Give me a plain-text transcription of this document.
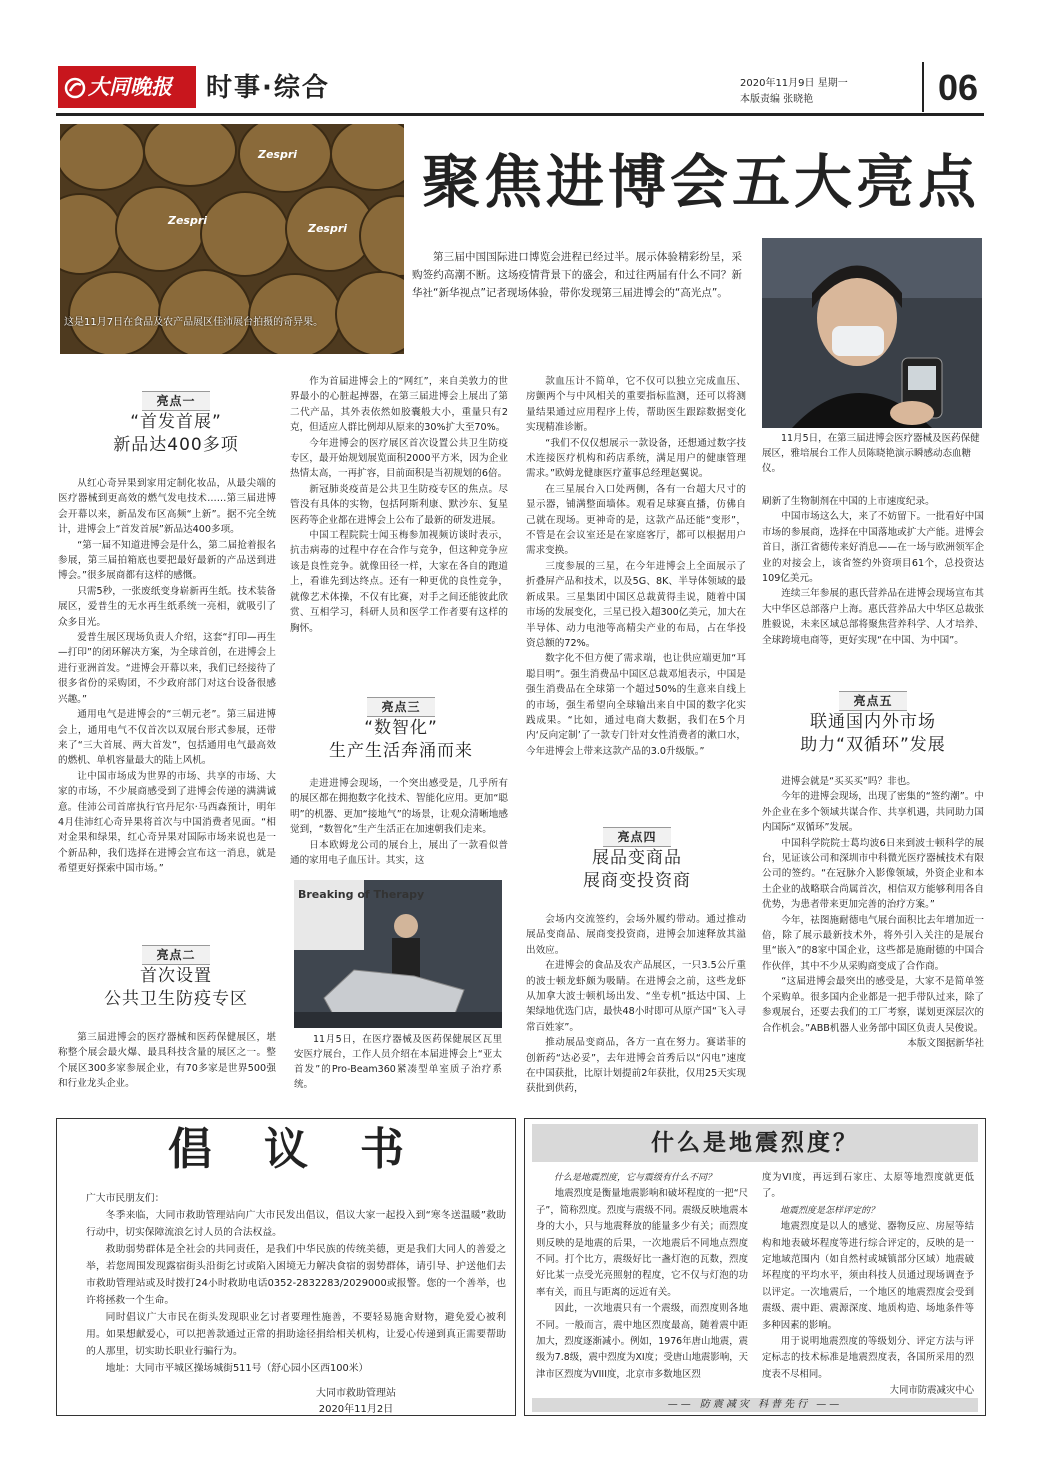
大同晚报	时事·综合	2020年11月9日 星期一
本版责编 张晓艳	06
Zespri
Zespri
Zespri
这是11月7日在食品及农产品展区佳沛展台拍摄的奇异果。
聚焦进博会五大亮点
第三届中国国际进口博览会进程已经过半。展示体验精彩纷呈，采购签约高潮不断。这场疫情背景下的盛会，和过往两届有什么不同？新华社“新华视点”记者现场体验，带你发现第三届进博会的“高光点”。
11月5日，在第三届进博会医疗器械及医药保健展区，雅培展台工作人员陈晓艳演示瞬感动态血糖仪。
亮点一
“首发首展”
新品达400多项

从红心奇异果到家用定制化妆品，从最尖端的医疗器械到更高效的燃气发电技术……第三届进博会开幕以来，新品发布区高频“上新”。据不完全统计，进博会上“首发首展”新品达400多项。

“第一届不知道进博会是什么，第二届抢着报名参展，第三届拍箱底也要把最好最新的产品送到进博会。”很多展商都有这样的感慨。

只需5秒，一张废纸变身崭新再生纸。技术装备展区，爱普生的无水再生纸系统一亮相，就吸引了众多目光。

爱普生展区现场负责人介绍，这套“打印—再生—打印”的闭环解决方案，为全球首创，在进博会上进行亚洲首发。“进博会开幕以来，我们已经接待了很多省份的采购团，不少政府部门对这台设备很感兴趣。”

通用电气是进博会的“三朝元老”。第三届进博会上，通用电气不仅首次以双展台形式参展，还带来了“三大首展、两大首发”，包括通用电气最高效的燃机、单机容量最大的陆上风机。

让中国市场成为世界的市场、共享的市场、大家的市场，不少展商感受到了进博会传递的满满诚意。佳沛公司首席执行官丹尼尔·马西森预计，明年4月佳沛红心奇异果将首次与中国消费者见面。“相对金果和绿果，红心奇异果对国际市场来说也是一个新品种，我们选择在进博会宣布这一消息，就是希望更好探索中国市场。”

亮点二
首次设置
公共卫生防疫专区

第三届进博会的医疗器械和医药保健展区，堪称整个展会最火爆、最具科技含量的展区之一。整个展区300多家参展企业，有70多家是世界500强和行业龙头企业。

作为首届进博会上的“网红”，来自美敦力的世界最小的心脏起搏器，在第三届进博会上展出了第二代产品，其外表依然如胶囊般大小，重量只有2克，但适应人群比例却从原来的30%扩大至70%。

今年进博会的医疗展区首次设置公共卫生防疫专区，最开始规划展览面积2000平方米，因为企业热情太高，一再扩容，目前面积是当初规划的6倍。

新冠肺炎疫苗是公共卫生防疫专区的焦点。尽管没有具体的实物，包括阿斯利康、默沙东、复星医药等企业都在进博会上公布了最新的研发进展。

中国工程院院士闻玉梅参加视频访谈时表示，抗击病毒的过程中存在合作与竞争，但这种竞争应该是良性竞争。就像田径一样，大家在各自的跑道上，看谁先到达终点。还有一种更优的良性竞争，就像艺术体操，不仅有比赛，对手之间还能彼此欣赏、互相学习，科研人员和医学工作者要有这样的胸怀。

亮点三
“数智化”
生产生活奔涌而来

走进进博会现场，一个突出感受是，几乎所有的展区都在拥抱数字化技术、智能化应用。更加“聪明”的机器、更加“接地气”的场景，让观众清晰地感觉到，“数智化”生产生活正在加速朝我们走来。

日本欧姆龙公司的展台上，展出了一款看似普通的家用电子血压计。其实，这

Breaking of Therapy
11月5日，在医疗器械及医药保健展区瓦里安医疗展台，工作人员介绍在本届进博会上“亚太首发”的Pro-Beam360紧凑型单室质子治疗系统。

款血压计不简单，它不仅可以独立完成血压、房颤两个与中风相关的重要指标监测，还可以将测量结果通过应用程序上传，帮助医生跟踪数据变化实现精准诊断。

“我们不仅仅想展示一款设备，还想通过数字技术连接医疗机构和药店系统，满足用户的健康管理需求。”欧姆龙健康医疗董事总经理赵翼说。

在三星展台入口处两侧，各有一台超大尺寸的显示器，铺满整面墙体。观看足球赛直播，仿佛自己就在现场。更神奇的是，这款产品还能“变形”，不管是在会议室还是在家庭客厅，都可以根据用户需求变换。

三度参展的三星，在今年进博会上全面展示了折叠屏产品和技术，以及5G、8K、半导体领域的最新成果。三星集团中国区总裁黄得圭说，随着中国市场的发展变化，三星已投入超300亿美元，加大在半导体、动力电池等高精尖产业的布局，占在华投资总额的72%。

数字化不但方便了需求端，也让供应端更加“耳聪目明”。强生消费品中国区总裁邓旭表示，中国是强生消费品在全球第一个超过50%的生意来自线上的市场，强生希望向全球输出来自中国的数字化实践成果。“比如，通过电商大数据，我们在5个月内‘反向定制’了一款专门针对女性消费者的漱口水，今年进博会上带来这款产品的3.0升级版。”

亮点四
展品变商品
展商变投资商

会场内交流签约，会场外履约带动。通过推动展品变商品、展商变投资商，进博会加速释放其溢出效应。

在进博会的食品及农产品展区，一只3.5公斤重的波士顿龙虾颇为吸睛。在进博会之前，这些龙虾从加拿大波士顿机场出发、“坐专机”抵达中国、上架绿地优选门店，最快48小时即可从原产国“飞入寻常百姓家”。

推动展品变商品，各方一直在努力。赛诺菲的创新药“达必妥”，去年进博会首秀后以“闪电”速度在中国获批，比原计划提前2年获批，仅用25天实现获批到供药，

刷新了生物制剂在中国的上市速度纪录。

中国市场这么大，来了不妨留下。一批看好中国市场的参展商，选择在中国落地或扩大产能。进博会首日，浙江省德传来好消息——在一场与欧洲领军企业的对接会上，该省签约外资项目61个，总投资达109亿美元。

连续三年参展的惠氏营养品在进博会现场宣布其大中华区总部落户上海。惠氏营养品大中华区总裁张胜毅说，未来区域总部将聚焦营养科学、人才培养、全球跨境电商等，更好实现“在中国、为中国”。

亮点五
联通国内外市场
助力“双循环”发展

进博会就是“买买买”吗？非也。

今年的进博会现场，出现了密集的“签约潮”。中外企业在多个领域共谋合作、共享机遇，共同助力国内国际“双循环”发展。

中国科学院院士葛均波6日来到波士顿科学的展台，见证该公司和深圳市中科微光医疗器械技术有限公司的签约。“在冠脉介入影像领域，外资企业和本土企业的战略联合尚属首次，相信双方能够利用各自优势，为患者带来更加完善的治疗方案。”

今年，祛图施耐德电气展台面积比去年增加近一倍，除了展示最新技术外，将外引入关注的是展台里“嵌入”的8家中国企业，这些都是施耐德的中国合作伙伴，其中不少从采购商变成了合作商。

“这届进博会最突出的感受是，大家不是简单签个采购单。很多国内企业都是一把手带队过来，除了参观展台，还要去我们的工厂考察，谋划更深层次的合作机会。”ABB机器人业务部中国区负责人吴俊说。

本版文图据新华社

倡议书
广大市民朋友们：

冬季来临，大同市救助管理站向广大市民发出倡议，倡议大家一起投入到“寒冬送温暖”救助行动中，切实保障流浪乞讨人员的合法权益。

救助弱势群体是全社会的共同责任，是我们中华民族的传统美德，更是我们大同人的善爱之举，若您周围发现露宿街头沿街乞讨或陷入困境无力解决食宿的弱势群体，请引导、护送他们去市救助管理站或及时拨打24小时救助电话0352-2832283/2029000或报警。您的一个善举，也许将拯救一个生命。

同时倡议广大市民在街头发现职业乞讨者要理性施善，不要轻易施舍财物，避免爱心被利用。如果想献爱心，可以把善款通过正常的捐助途径捐给相关机构，让爱心传递到真正需要帮助的人那里，切实助长职业行骗行为。

地址：大同市平城区操场城街511号（舒心园小区西100米）

大同市救助管理站
2020年11月2日
什么是地震烈度？

什么是地震烈度，它与震级有什么不同？

地震烈度是衡量地震影响和破坏程度的一把“尺子”，简称烈度。烈度与震级不同。震级反映地震本身的大小，只与地震释放的能量多少有关；而烈度则反映的是地震的后果，一次地震后不同地点烈度不同。打个比方，震级好比一盏灯泡的瓦数，烈度好比某一点受光亮照射的程度，它不仅与灯泡的功率有关，而且与距离的远近有关。

因此，一次地震只有一个震级，而烈度则各地不同。一般而言，震中地区烈度最高，随着震中距加大，烈度逐渐减小。例如，1976年唐山地震，震级为7.8级，震中烈度为XI度；受唐山地震影响，天津市区烈度为VIII度，北京市多数地区烈

度为VI度，再远到石家庄、太原等地烈度就更低了。

地震烈度是怎样评定的？

地震烈度是以人的感觉、器物反应、房屋等结构和地表破坏程度等进行综合评定的，反映的是一定地域范围内（如自然村或城镇部分区域）地震破坏程度的平均水平，须由科技人员通过现场调查予以评定。一次地震后，一个地区的地震烈度会受到震级、震中距、震源深度、地质构造、场地条件等多种因素的影响。

用于说明地震烈度的等级划分、评定方法与评定标志的技术标准是地震烈度表，各国所采用的烈度表不尽相同。

大同市防震减灾中心

—— 防震减灾 科普先行 ——
